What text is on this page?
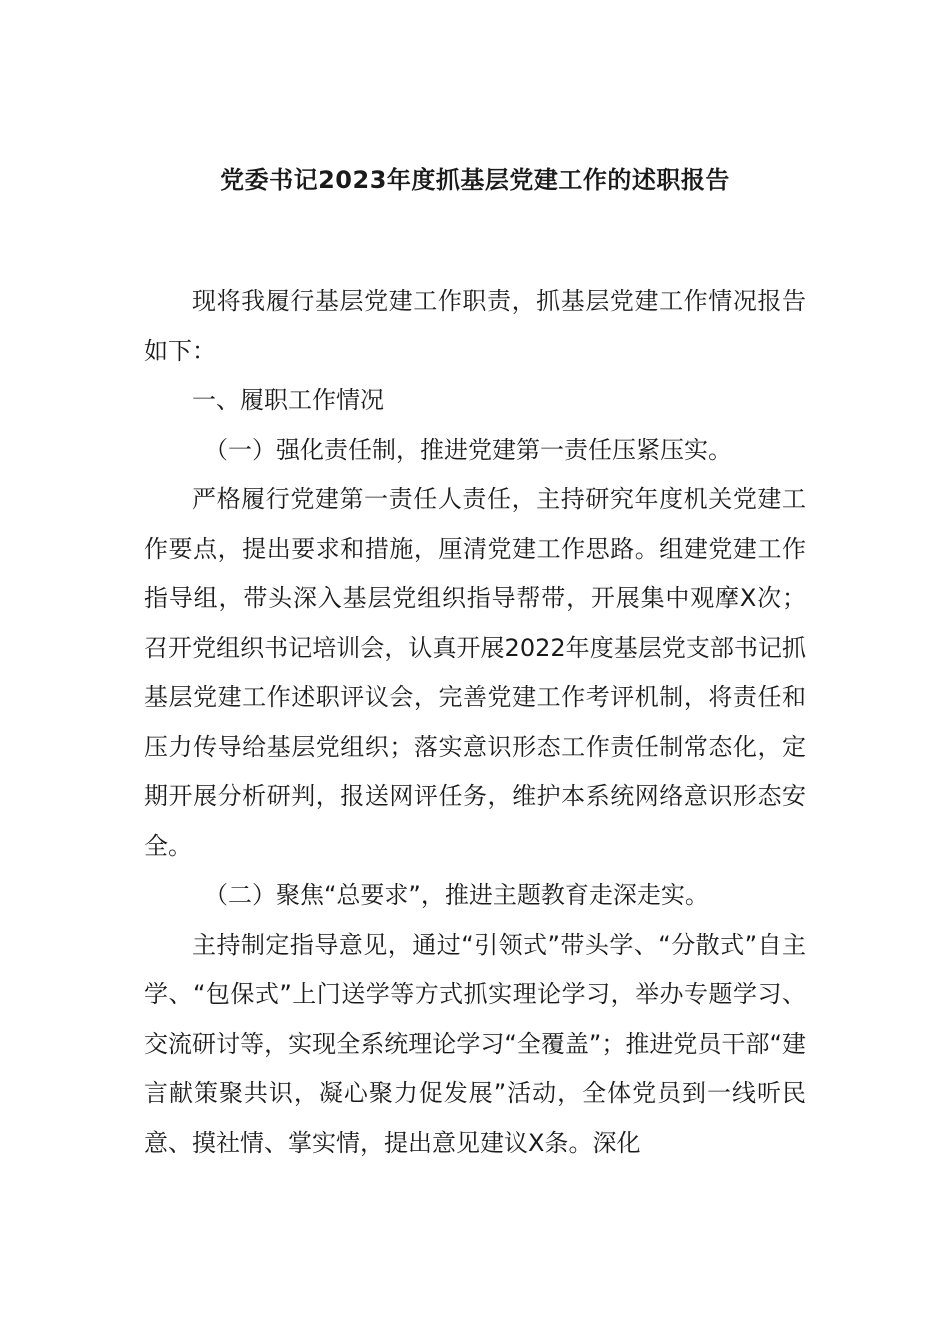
党委书记2023年度抓基层党建工作的述职报告

现将我履行基层党建工作职责，抓基层党建工作情况报告如下：

一、履职工作情况

（一）强化责任制，推进党建第一责任压紧压实。

严格履行党建第一责任人责任，主持研究年度机关党建工作要点，提出要求和措施，厘清党建工作思路。组建党建工作指导组，带头深入基层党组织指导帮带，开展集中观摩X次；召开党组织书记培训会，认真开展2022年度基层党支部书记抓基层党建工作述职评议会，完善党建工作考评机制，将责任和压力传导给基层党组织；落实意识形态工作责任制常态化，定期开展分析研判，报送网评任务，维护本系统网络意识形态安全。

（二）聚焦“总要求”，推进主题教育走深走实。

主持制定指导意见，通过“引领式”带头学、“分散式”自主学、“包保式”上门送学等方式抓实理论学习，举办专题学习、交流研讨等，实现全系统理论学习“全覆盖”；推进党员干部“建言献策聚共识，凝心聚力促发展”活动，全体党员到一线听民意、摸社情、掌实情，提出意见建议X条。深化
